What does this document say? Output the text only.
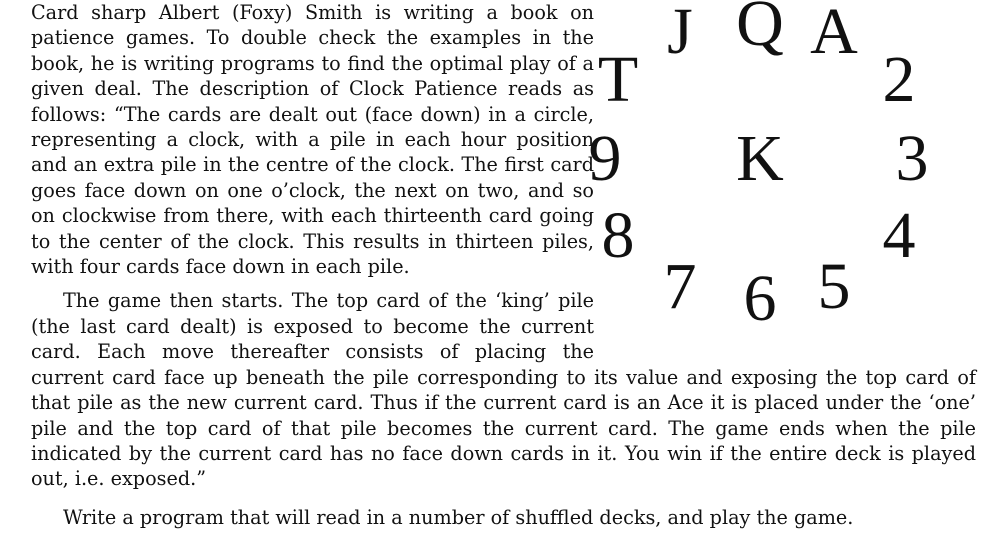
J Q A
T	2
9 K 3
8	4
7 6 5

Card sharp Albert (Foxy) Smith is writing a book on patience games. To double check the examples in the book, he is writing programs to find the optimal play of a given deal. The description of Clock Patience reads as follows: “The cards are dealt out (face down) in a circle, representing a clock, with a pile in each hour position and an extra pile in the centre of the clock. The first card goes face down on one o’clock, the next on two, and so on clockwise from there, with each thirteenth card going to the center of the clock. This results in thirteen piles, with four cards face down in each pile.

The game then starts. The top card of the ‘king’ pile (the last card dealt) is exposed to become the current card. Each move thereafter consists of placing the current card face up beneath the pile corresponding to its value and exposing the top card of that pile as the new current card. Thus if the current card is an Ace it is placed under the ‘one’ pile and the top card of that pile becomes the current card. The game ends when the pile indicated by the current card has no face down cards in it. You win if the entire deck is played out, i.e. exposed.”

Write a program that will read in a number of shuffled decks, and play the game.
